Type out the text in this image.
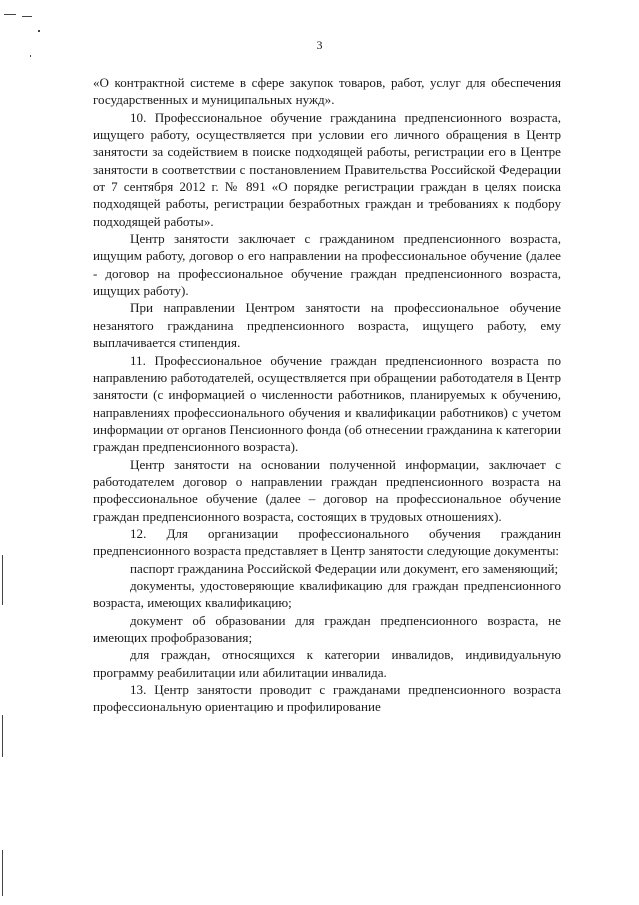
3

«О контрактной системе в сфере закупок товаров, работ, услуг для обеспечения государственных и муниципальных нужд».

10. Профессиональное обучение гражданина предпенсионного возраста, ищущего работу, осуществляется при условии его личного обращения в Центр занятости за содействием в поиске подходящей работы, регистрации его в Центре занятости в соответствии с постановлением Правительства Российской Федерации от 7 сентября 2012 г. № 891 «О порядке регистрации граждан в целях поиска подходящей работы, регистрации безработных граждан и требованиях к подбору подходящей работы».

Центр занятости заключает с гражданином предпенсионного возраста, ищущим работу, договор о его направлении на профессиональное обучение (далее - договор на профессиональное обучение граждан предпенсионного возраста, ищущих работу).

При направлении Центром занятости на профессиональное обучение незанятого гражданина предпенсионного возраста, ищущего работу, ему выплачивается стипендия.

11. Профессиональное обучение граждан предпенсионного возраста по направлению работодателей, осуществляется при обращении работодателя в Центр занятости (с информацией о численности работников, планируемых к обучению, направлениях профессионального обучения и квалификации работников) с учетом информации от органов Пенсионного фонда (об отнесении гражданина к категории граждан предпенсионного возраста).

Центр занятости на основании полученной информации, заключает с работодателем договор о направлении граждан предпенсионного возраста на профессиональное обучение (далее – договор на профессиональное обучение граждан предпенсионного возраста, состоящих в трудовых отношениях).

12. Для организации профессионального обучения гражданин предпенсионного возраста представляет в Центр занятости следующие документы:

паспорт гражданина Российской Федерации или документ, его заменяющий;

документы, удостоверяющие квалификацию для граждан предпенсионного возраста, имеющих квалификацию;

документ об образовании для граждан предпенсионного возраста, не имеющих профобразования;

для граждан, относящихся к категории инвалидов, индивидуальную программу реабилитации или абилитации инвалида.

13. Центр занятости проводит с гражданами предпенсионного возраста профессиональную ориентацию и профилирование
